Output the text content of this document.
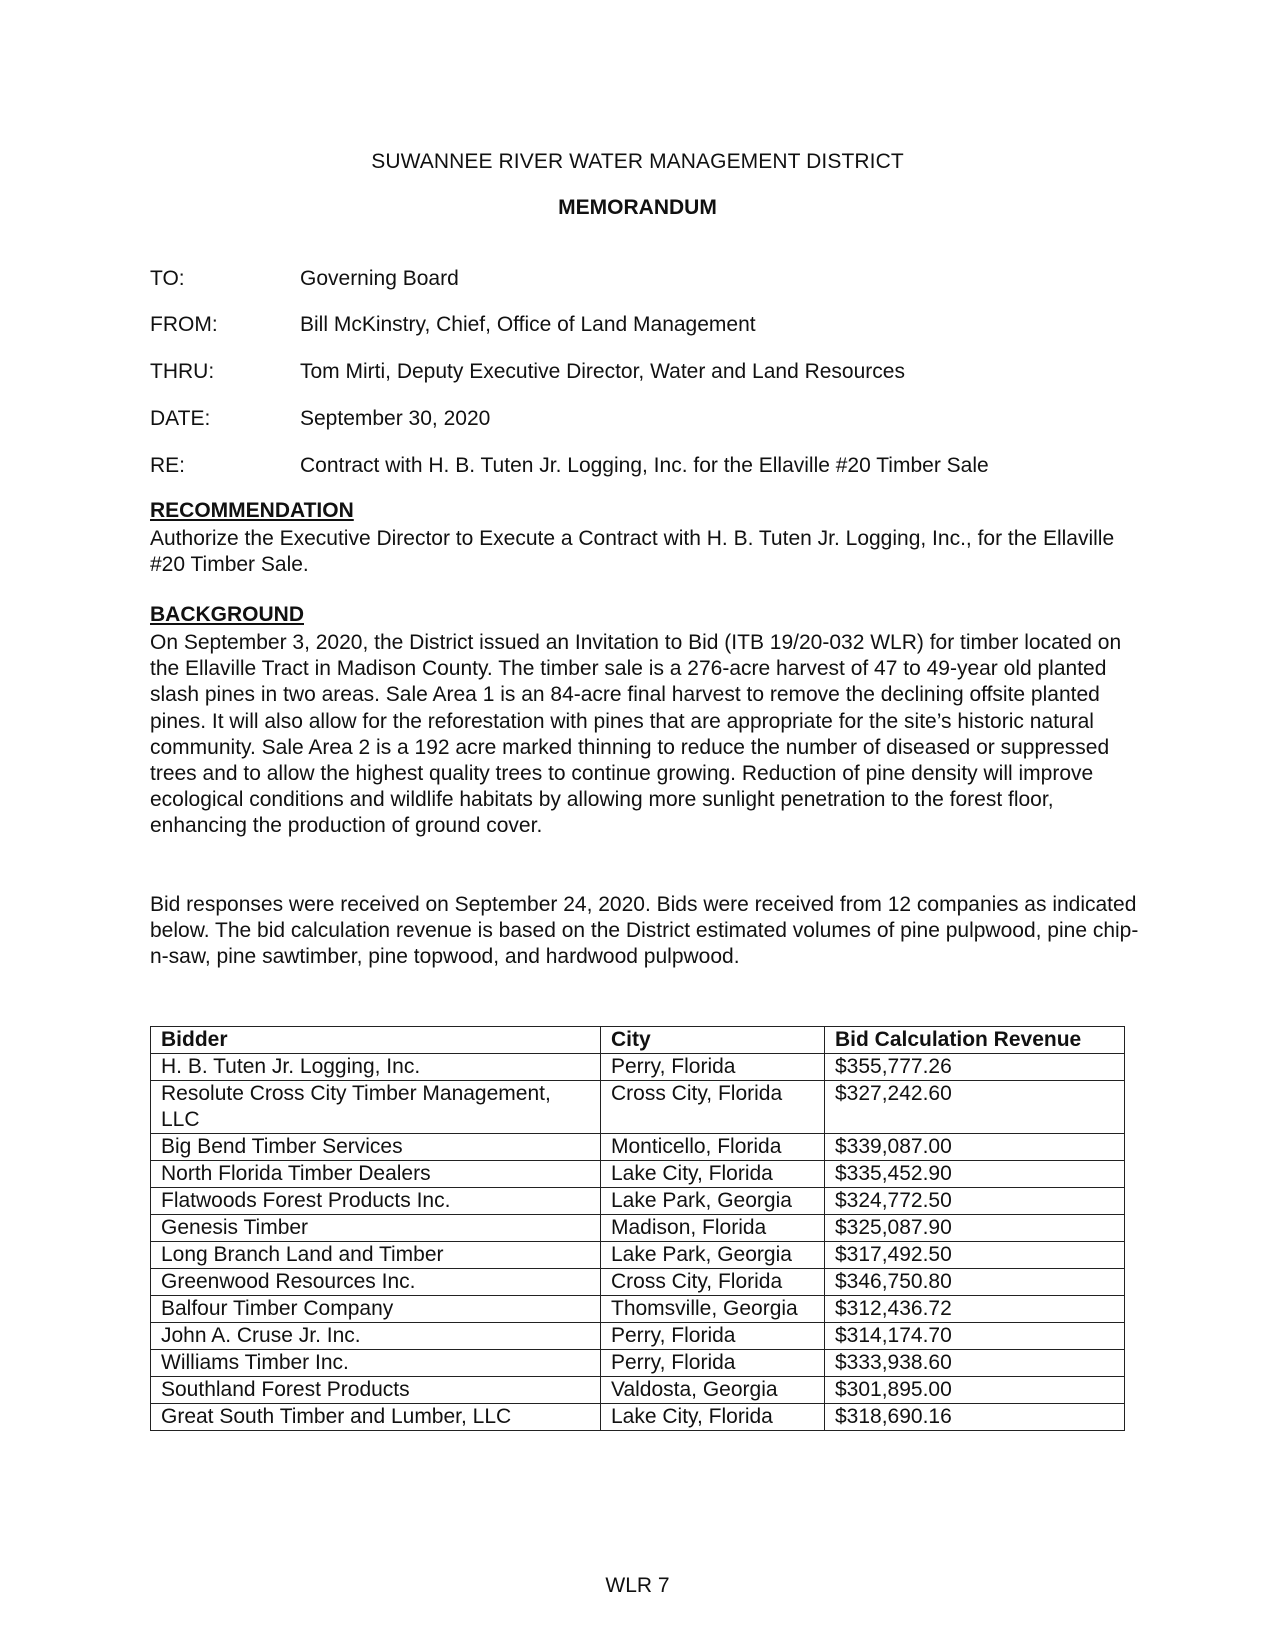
SUWANNEE RIVER WATER MANAGEMENT DISTRICT
MEMORANDUM
TO:	Governing Board
FROM:	Bill McKinstry, Chief, Office of Land Management
THRU:	Tom Mirti, Deputy Executive Director, Water and Land Resources
DATE:	September 30, 2020
RE:	Contract with H. B. Tuten Jr. Logging, Inc. for the Ellaville #20 Timber Sale
RECOMMENDATION
Authorize the Executive Director to Execute a Contract with H. B. Tuten Jr. Logging, Inc., for the Ellaville #20 Timber Sale.
BACKGROUND
On September 3, 2020, the District issued an Invitation to Bid (ITB 19/20-032 WLR) for timber located on the Ellaville Tract in Madison County. The timber sale is a 276-acre harvest of 47 to 49-year old planted slash pines in two areas. Sale Area 1 is an 84-acre final harvest to remove the declining offsite planted pines. It will also allow for the reforestation with pines that are appropriate for the site’s historic natural community. Sale Area 2 is a 192 acre marked thinning to reduce the number of diseased or suppressed trees and to allow the highest quality trees to continue growing. Reduction of pine density will improve ecological conditions and wildlife habitats by allowing more sunlight penetration to the forest floor, enhancing the production of ground cover.
Bid responses were received on September 24, 2020. Bids were received from 12 companies as indicated below. The bid calculation revenue is based on the District estimated volumes of pine pulpwood, pine chip-n-saw, pine sawtimber, pine topwood, and hardwood pulpwood.
Bidder	City	Bid Calculation Revenue
H. B. Tuten Jr. Logging, Inc.	Perry, Florida	$355,777.26
Resolute Cross City Timber Management, LLC	Cross City, Florida	$327,242.60
Big Bend Timber Services	Monticello, Florida	$339,087.00
North Florida Timber Dealers	Lake City, Florida	$335,452.90
Flatwoods Forest Products Inc.	Lake Park, Georgia	$324,772.50
Genesis Timber	Madison, Florida	$325,087.90
Long Branch Land and Timber	Lake Park, Georgia	$317,492.50
Greenwood Resources Inc.	Cross City, Florida	$346,750.80
Balfour Timber Company	Thomsville, Georgia	$312,436.72
John A. Cruse Jr. Inc.	Perry, Florida	$314,174.70
Williams Timber Inc.	Perry, Florida	$333,938.60
Southland Forest Products	Valdosta, Georgia	$301,895.00
Great South Timber and Lumber, LLC	Lake City, Florida	$318,690.16
WLR 7
